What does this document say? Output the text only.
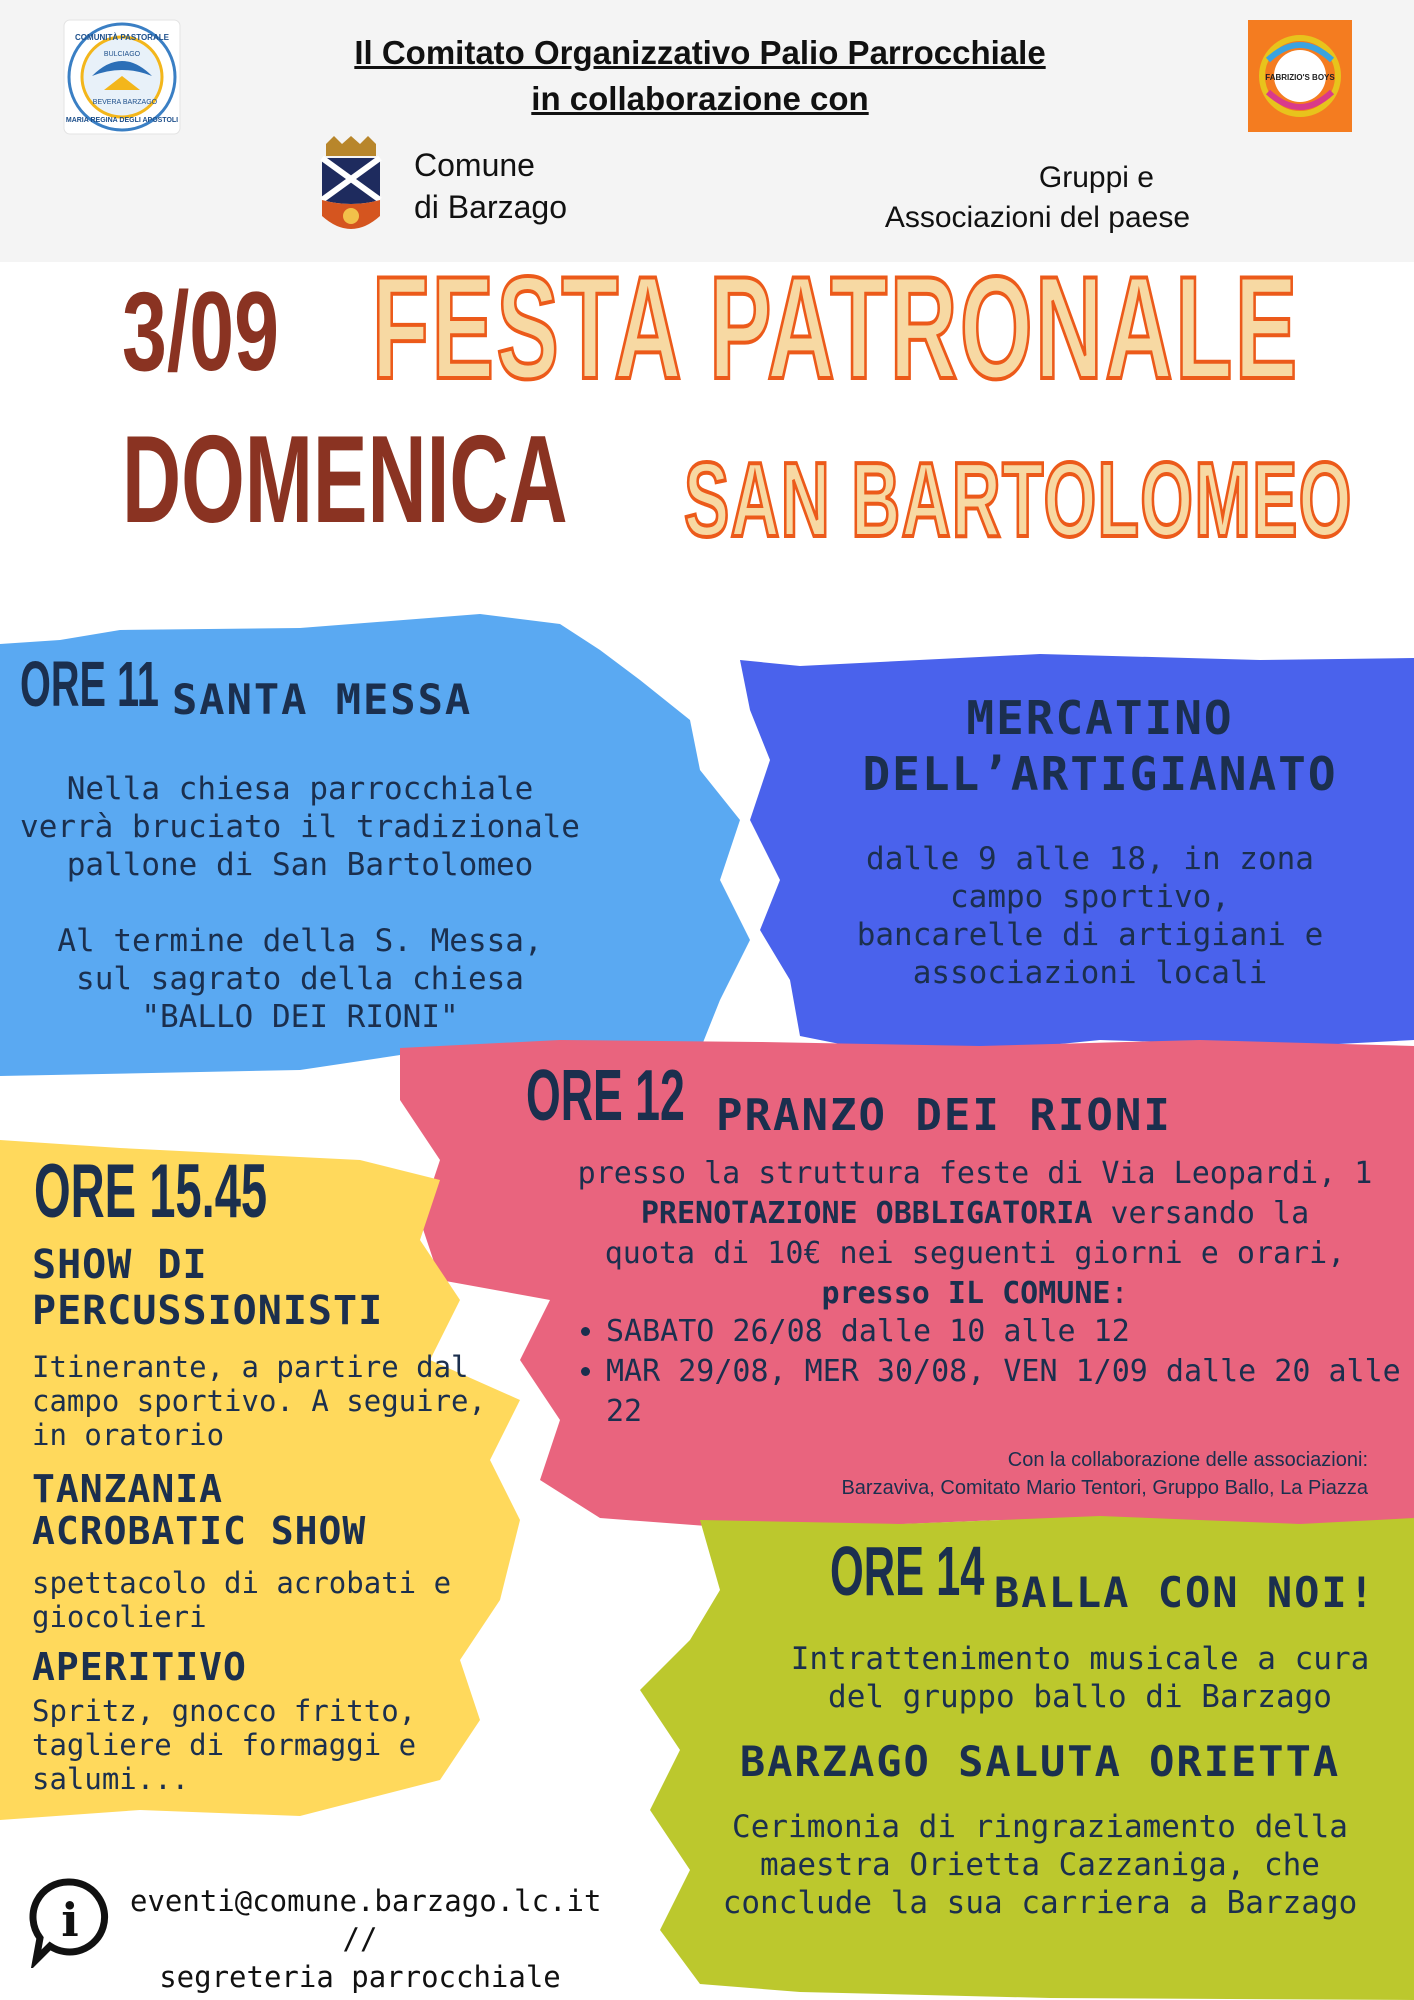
COMUNITÀ PASTORALE
BULCIAGO
BEVERA BARZAGO
MARIA REGINA DEGLI APOSTOLI
Il Comitato Organizzativo Palio Parrocchiale
in collaborazione con
FABRIZIO'S BOYS
Comune
di Barzago
Gruppi e
Associazioni del paese
3/09
DOMENICA
FESTA PATRONALE
SAN BARTOLOMEO
ORE 11 SANTA MESSA
Nella chiesa parrocchiale
verrà bruciato il tradizionale
pallone di San Bartolomeo
Al termine della S. Messa,
sul sagrato della chiesa
"BALLO DEI RIONI"
MERCATINO
DELL’ARTIGIANATO
dalle 9 alle 18, in zona
campo sportivo,
bancarelle di artigiani e
associazioni locali
ORE 12 PRANZO DEI RIONI
presso la struttura feste di Via Leopardi, 1
PRENOTAZIONE OBBLIGATORIA versando la
quota di 10€ nei seguenti giorni e orari,
presso IL COMUNE:
• SABATO 26/08 dalle 10 alle 12
• MAR 29/08, MER 30/08, VEN 1/09 dalle 20 alle 22
Con la collaborazione delle associazioni:
Barzaviva, Comitato Mario Tentori, Gruppo Ballo, La Piazza
ORE 15.45
SHOW DI
PERCUSSIONISTI
Itinerante, a partire dal
campo sportivo. A seguire,
in oratorio
TANZANIA
ACROBATIC SHOW
spettacolo di acrobati e
giocolieri
APERITIVO
Spritz, gnocco fritto,
tagliere di formaggi e
salumi...
ORE 14 BALLA CON NOI!
Intrattenimento musicale a cura
del gruppo ballo di Barzago
BARZAGO SALUTA ORIETTA
Cerimonia di ringraziamento della
maestra Orietta Cazzaniga, che
conclude la sua carriera a Barzago
i eventi@comune.barzago.lc.it //
segreteria parrocchiale
